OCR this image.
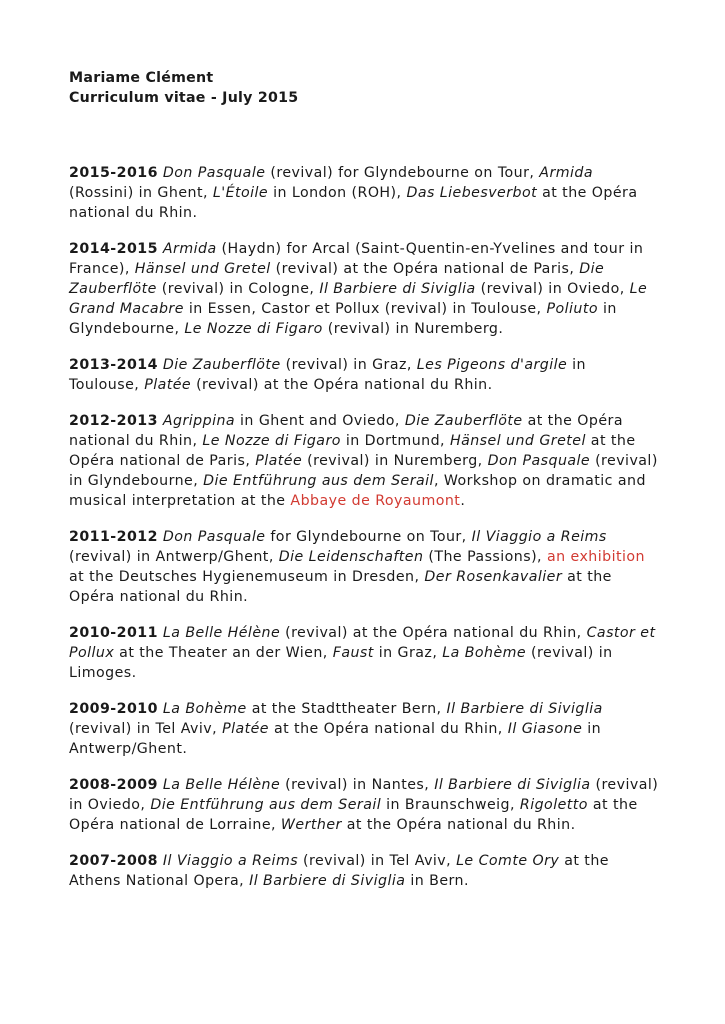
Mariame Clément
Curriculum vitae - July 2015
2015-2016 Don Pasquale (revival) for Glyndebourne on Tour, Armida (Rossini) in Ghent, L'Étoile in London (ROH), Das Liebesverbot at the Opéra national du Rhin.
2014-2015 Armida (Haydn) for Arcal (Saint-Quentin-en-Yvelines and tour in France), Hänsel und Gretel (revival) at the Opéra national de Paris, Die Zauberflöte (revival) in Cologne, Il Barbiere di Siviglia (revival) in Oviedo, Le Grand Macabre in Essen, Castor et Pollux (revival) in Toulouse, Poliuto in Glyndebourne, Le Nozze di Figaro (revival) in Nuremberg.
2013-2014 Die Zauberflöte (revival) in Graz, Les Pigeons d'argile in Toulouse, Platée (revival) at the Opéra national du Rhin.
2012-2013 Agrippina in Ghent and Oviedo, Die Zauberflöte at the Opéra national du Rhin, Le Nozze di Figaro in Dortmund, Hänsel und Gretel at the Opéra national de Paris, Platée (revival) in Nuremberg, Don Pasquale (revival) in Glyndebourne, Die Entführung aus dem Serail, Workshop on dramatic and musical interpretation at the Abbaye de Royaumont.
2011-2012 Don Pasquale for Glyndebourne on Tour, Il Viaggio a Reims (revival) in Antwerp/Ghent, Die Leidenschaften (The Passions), an exhibition at the Deutsches Hygienemuseum in Dresden, Der Rosenkavalier at the Opéra national du Rhin.
2010-2011 La Belle Hélène (revival) at the Opéra national du Rhin, Castor et Pollux at the Theater an der Wien, Faust in Graz, La Bohème (revival) in Limoges.
2009-2010 La Bohème at the Stadttheater Bern, Il Barbiere di Siviglia (revival) in Tel Aviv, Platée at the Opéra national du Rhin, Il Giasone in Antwerp/Ghent.
2008-2009 La Belle Hélène (revival) in Nantes, Il Barbiere di Siviglia (revival) in Oviedo, Die Entführung aus dem Serail in Braunschweig, Rigoletto at the Opéra national de Lorraine, Werther at the Opéra national du Rhin.
2007-2008 Il Viaggio a Reims (revival) in Tel Aviv, Le Comte Ory at the Athens National Opera, Il Barbiere di Siviglia in Bern.
